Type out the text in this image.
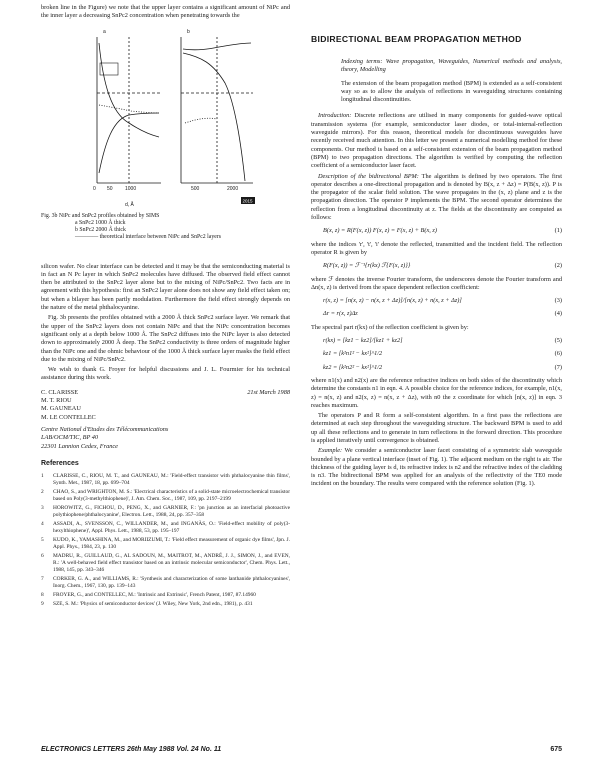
broken line in the Figure) we note that the upper layer contains a significant amount of NiPc and the inner layer a decreasing SnPc2 concentration when penetrating towards the

0 50 1000	500	2000
d, Å
a	b
2015
Fig. 3b NiPc and SnPc2 profiles obtained by SIMS
a SnPc2 1000 Å thick
b SnPc2 2000 Å thick
———— theoretical interface between NiPc and SnPc2 layers

silicon wafer. No clear interface can be detected and it may be that the semiconducting material is in fact an N Pc layer in which SnPc2 molecules have diffused. The observed field effect cannot then be attributed to the SnPc2 layer alone but to the mixing of NiPc/SnPc2. Two facts are in agreement with this hypothesis: first an SnPc2 layer alone does not show any field effect taken on; but when a bilayer has been partly modulation. Furthermore the field effect strongly depends on the nature of the metal phthalocyanine.

Fig. 3b presents the profiles obtained with a 2000 Å thick SnPc2 surface layer. We remark that the upper of the SnPc2 layers does not contain NiPc and that the NiPc concentration becomes significant only at a depth below 1000 Å. The SnPc2 diffuses into the NiPc layer is also detected down to approximately 2000 Å deep. The SnPc2 conductivity is three orders of magnitude higher than the NiPc one and the ohmic behaviour of the 1000 Å thick surface layer masks the field effect due to the mixing of NiPc/SnPc2.

We wish to thank G. Froyer for helpful discussions and J. L. Fourmier for his technical assistance during this work.

C. CLARISSE	21st March 1988
M. T. RIOU
M. GAUNEAU
M. LE CONTELLEC
Centre National d'Etudes des Télécommunications
LAB/OCM/TIC, BP 40
22301 Lannion Cedex, France
References
1	CLARISSE, C., RIOU, M. T., and GAUNEAU, M.: 'Field-effect transistor with phthalocyanine thin films', Synth. Met., 1987, 18, pp. 699–704
2	CHAO, S., and WRIGHTON, M. S.: 'Electrical characteristics of a solid-state microelectrochemical transistor based on Poly(3-methylthiophene)', J. Am. Chem. Soc., 1987, 109, pp. 2197–2199
3	HOROWITZ, G., FICHOU, D., PENG, X., and GARNIER, F.: 'pn junction as an interfacial photoactive polythiophene/phthalocyanine', Electron. Lett., 1988, 24, pp. 357–358
4	ASSADI, A., SVENSSON, C., WILLANDER, M., and INGANÄS, O.: 'Field-effect mobility of poly(3-hexylthiophene)', Appl. Phys. Lett., 1988, 53, pp. 195–197
5	KUDO, K., YAMASHINA, M., and MORIIZUMI, T.: 'Field effect measurement of organic dye films', Jpn. J. Appl. Phys., 1984, 23, p. 130
6	MADRU, R., GUILLAUD, G., AL SADOUN, M., MAITROT, M., ANDRÉ, J. J., SIMON, J., and EVEN, R.: 'A well-behaved field effect transistor based on an intrinsic molecular semiconductor', Chem. Phys. Lett., 1988, 145, pp. 343–346
7	CORKER, G. A., and WILLIAMS, R.: 'Synthesis and characterization of some lanthanide phthalocyanines', Inorg. Chem., 1967, 130, pp. 139–143
8	FROYER, G., and CONTELLEC, M.: 'Intrinsic and Extrinsic', French Patent, 1987, 87.14960
9	SZE, S. M.: 'Physics of semiconductor devices' (J. Wiley, New York, 2nd edn., 1981), p. 431
BIDIRECTIONAL BEAM PROPAGATION METHOD

Indexing terms: Wave propagation, Waveguides, Numerical methods and analysis, theory, Modelling

The extension of the beam propagation method (BPM) is extended as a self-consistent way so as to allow the analysis of reflections in waveguiding structures containing longitudinal discontinuities.

Introduction: Discrete reflections are utilised in many components for guided-wave optical transmission systems (for example, semiconductor laser diodes, or total-internal-reflection waveguide mirrors). For this reason, theoretical models for discontinuous waveguides have recently received much attention. In this letter we present a numerical modelling method for these components. Our method is based on a self-consistent extension of the beam propagation method (BPM) to two propagation directions. The algorithm is verified by computing the reflection coefficient of a semiconductor laser facet.

Description of the bidirectional BPM: The algorithm is defined by two operators. The first operator describes a one-directional propagation and is denoted by B(x, z + Δz) = P(B(x, z)). P is the propagator of the scalar field solution. The wave propagates in the (x, z) plane and z is the propagation direction. The operator P implements the BPM. The second operator determines the reflection from a longitudinal discontinuity at z. The fields at the discontinuity are computed as follows:

B(x, z) = R(F(x, z)) F(x, z) = F(x, z) + B(x, z)	(1)

where the indices 'r', 't', 'i' denote the reflected, transmitted and the incident field. The reflection operator R is given by

R(F(x, z)) = ℱ⁻¹{r(kx) ℱ{F(x, z)}}	(2)

where ℱ denotes the inverse Fourier transform, the underscores denote the Fourier transform and Δn(x, z) is derived from the space dependent reflection coefficient:

r(x, z) = [n(x, z) − n(x, z + Δz)]/[n(x, z) + n(x, z + Δz)]	(3)
Δr = r(x, z)Δz	(4)

The spectral part r(kx) of the reflection coefficient is given by:

r(kx) = [kz1 − kz2]/[kz1 + kz2]	(5)
kz1 = [k²n1² − kx²]^1/2	(6)
kz2 = [k²n2² − kx²]^1/2	(7)

where n1(x) and n2(x) are the reference refractive indices on both sides of the discontinuity which determine the constants n1 in eqn. 4. A possible choice for the reference indices, for example, n1(x, z) = n(x, z) and n2(x, z) = n(x, z + Δz), with n0 the z coordinate for which [n(x, z)] in eqn. 3 reaches maximum.

The operators P and R form a self-consistent algorithm. In a first pass the reflections are determined at each step throughout the waveguiding structure. The backward BPM is used to add up all these reflections and to generate in turn reflections in the forward direction. This procedure is applied iteratively until convergence is obtained.

Example: We consider a semiconductor laser facet consisting of a symmetric slab waveguide bounded by a plane vertical interface (inset of Fig. 1). The adjacent medium on the right is air. The thickness of the guiding layer is d, its refractive index is n2 and the refractive index of the cladding is n3. The bidirectional BPM was applied for an analysis of the reflectivity of the TE0 mode incident on the boundary. The results were compared with the reference solution (Fig. 1).

ELECTRONICS LETTERS 26th May 1988 Vol. 24 No. 11	675
